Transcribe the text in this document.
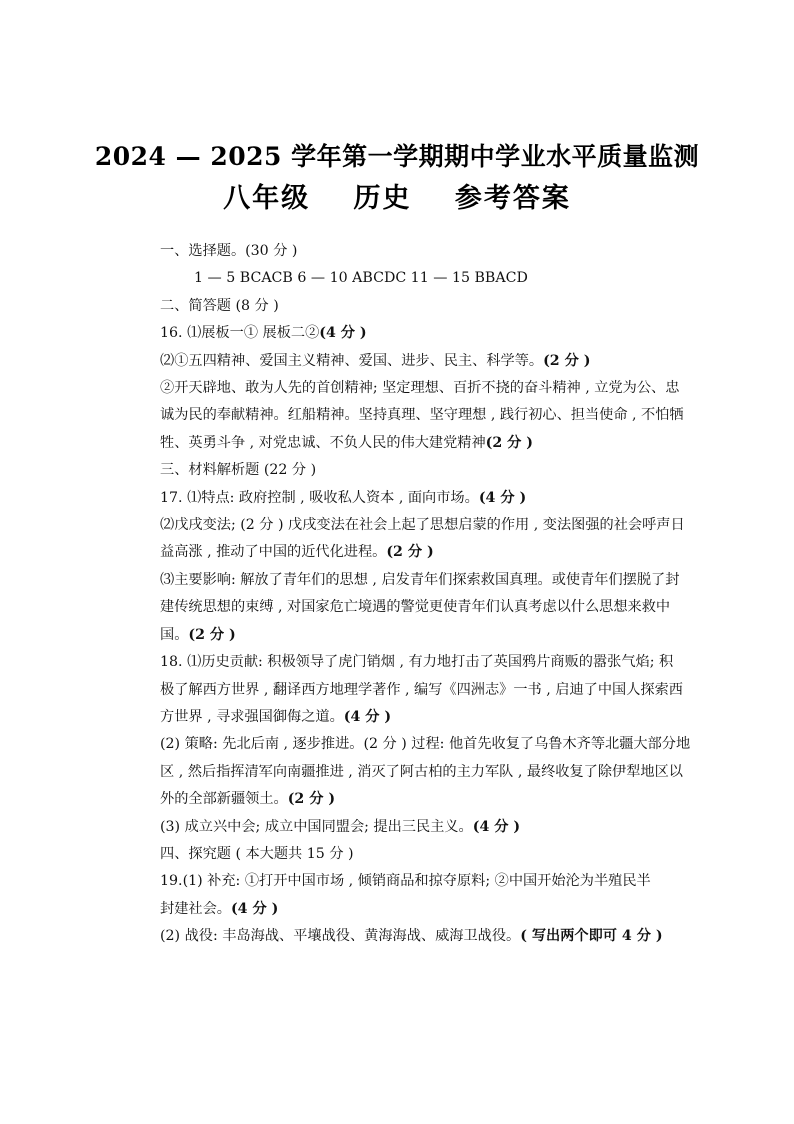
2024 — 2025 学年第一学期期中学业水平质量监测
八年级 历史 参考答案

一、选择题。(30 分 )

1 — 5 BCACB 6 — 10 ABCDC 11 — 15 BBACD

二、简答题 (8 分 )

16. ⑴展板一① 展板二②(4 分 )

⑵①五四精神、爱国主义精神、爱国、进步、民主、科学等。(2 分 )

②开天辟地、敢为人先的首创精神; 坚定理想、百折不挠的奋斗精神 , 立党为公、忠

诚为民的奉献精神。红船精神。坚持真理、坚守理想 , 践行初心、担当使命 , 不怕牺

牲、英勇斗争 , 对党忠诚、不负人民的伟大建党精神(2 分 )

三、材料解析题 (22 分 )

17. ⑴特点: 政府控制 , 吸收私人资本 , 面向市场。(4 分 )

⑵戊戌变法; (2 分 ) 戊戌变法在社会上起了思想启蒙的作用 , 变法图强的社会呼声日

益高涨 , 推动了中国的近代化进程。(2 分 )

⑶主要影响: 解放了青年们的思想 , 启发青年们探索救国真理。或使青年们摆脱了封

建传统思想的束缚 , 对国家危亡境遇的警觉更使青年们认真考虑以什么思想来救中

国。(2 分 )

18. ⑴历史贡献: 积极领导了虎门销烟 , 有力地打击了英国鸦片商贩的嚣张气焰; 积

极了解西方世界 , 翻译西方地理学著作 , 编写《四洲志》一书 , 启迪了中国人探索西

方世界 , 寻求强国御侮之道。(4 分 )

(2) 策略: 先北后南 , 逐步推进。(2 分 ) 过程: 他首先收复了乌鲁木齐等北疆大部分地

区 , 然后指挥清军向南疆推进 , 消灭了阿古柏的主力军队 , 最终收复了除伊犁地区以

外的全部新疆领土。(2 分 )

(3) 成立兴中会; 成立中国同盟会; 提出三民主义。(4 分 )

四、探究题 ( 本大题共 15 分 )

19.(1) 补充: ①打开中国市场 , 倾销商品和掠夺原料; ②中国开始沦为半殖民半

封建社会。(4 分 )

(2) 战役: 丰岛海战、平壤战役、黄海海战、威海卫战役。( 写出两个即可 4 分 )
